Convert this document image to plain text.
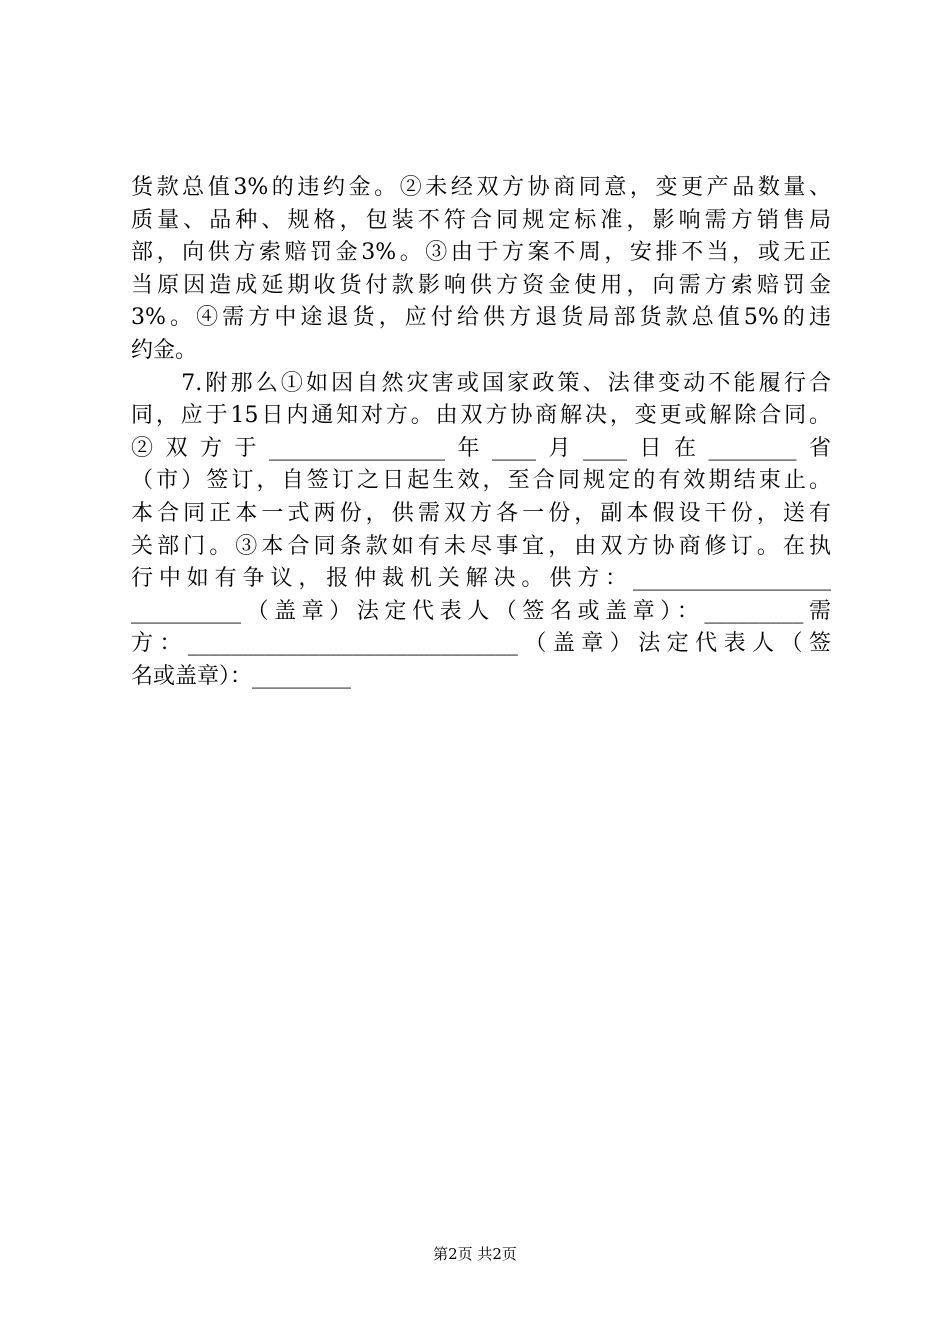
货款总值3%的违约金。②未经双方协商同意，变更产品数量、
质量、品种、规格，包装不符合同规定标准，影响需方销售局
部，向供方索赔罚金3%。③由于方案不周，安排不当，或无正
当原因造成延期收货付款影响供方资金使用，向需方索赔罚金
3%。④需方中途退货，应付给供方退货局部货款总值5%的违
约金。
　　7.附那么①如因自然灾害或国家政策、法律变动不能履行合
同，应于15日内通知对方。由双方协商解决，变更或解除合同。
②双方于________________年____月____日在________省
（市）签订，自签订之日起生效，至合同规定的有效期结束止。
本合同正本一式两份，供需双方各一份，副本假设干份，送有
关部门。③本合同条款如有未尽事宜，由双方协商修订。在执
行中如有争议，报仲裁机关解决。供方：__________________
__________（盖章）法定代表人（签名或盖章）：_________需
方：______________________________（盖章）法定代表人（签
名或盖章）：_________
第2页 共2页
